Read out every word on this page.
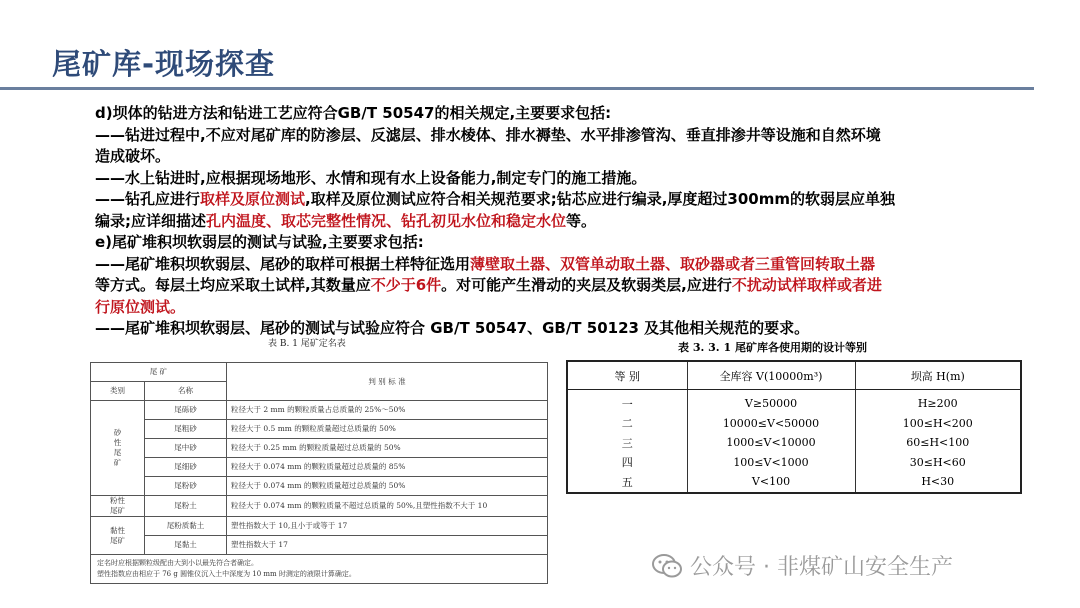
尾矿库-现场探查
d)坝体的钻进方法和钻进工艺应符合GB/T 50547的相关规定,主要要求包括:
——钻进过程中,不应对尾矿库的防渗层、反滤层、排水棱体、排水褥垫、水平排渗管沟、垂直排渗井等设施和自然环境
造成破坏。
——水上钻进时,应根据现场地形、水情和现有水上设备能力,制定专门的施工措施。
——钻孔应进行取样及原位测试,取样及原位测试应符合相关规范要求;钻芯应进行编录,厚度超过300mm的软弱层应单独
编录;应详细描述孔内温度、取芯完整性情况、钻孔初见水位和稳定水位等。
e)尾矿堆积坝软弱层的测试与试验,主要要求包括:
——尾矿堆积坝软弱层、尾砂的取样可根据土样特征选用薄壁取土器、双管单动取土器、取砂器或者三重管回转取土器
等方式。每层土均应采取土试样,其数量应不少于6件。对可能产生滑动的夹层及软弱类层,应进行不扰动试样取样或者进
行原位测试。
——尾矿堆积坝软弱层、尾砂的测试与试验应符合 GB/T 50547、GB/T 50123 及其他相关规范的要求。
表 B. 1 尾矿定名表
尾 矿		判 别 标 准
类别	名称	
砂
性
尾
矿	尾砾砂	粒径大于 2 mm 的颗粒质量占总质量的 25%～50%
	尾粗砂	粒径大于 0.5 mm 的颗粒质量超过总质量的 50%
	尾中砂	粒径大于 0.25 mm 的颗粒质量超过总质量的 50%
	尾细砂	粒径大于 0.074 mm 的颗粒质量超过总质量的 85%
	尾粉砂	粒径大于 0.074 mm 的颗粒质量超过总质量的 50%
粉性
尾矿	尾粉土	粒径大于 0.074 mm 的颗粒质量不超过总质量的 50%,且塑性指数不大于 10
黏性
尾矿	尾粉质黏土	塑性指数大于 10,且小于或等于 17
	尾黏土	塑性指数大于 17

定名时应根据颗粒级配由大到小以最先符合者确定。
塑性指数应由相应于 76 g 圆锥仪沉入土中深度为 10 mm 时测定的液限计算确定。		
表 3. 3. 1 尾矿库各使用期的设计等别
等 别	全库容 V(10000m³)	坝高 H(m)
一	V≥50000	H≥200
二	10000≤V<50000	100≤H<200
三	1000≤V<10000	60≤H<100
四	100≤V<1000	30≤H<60
五	V<100	H<30
公众号 · 非煤矿山安全生产
